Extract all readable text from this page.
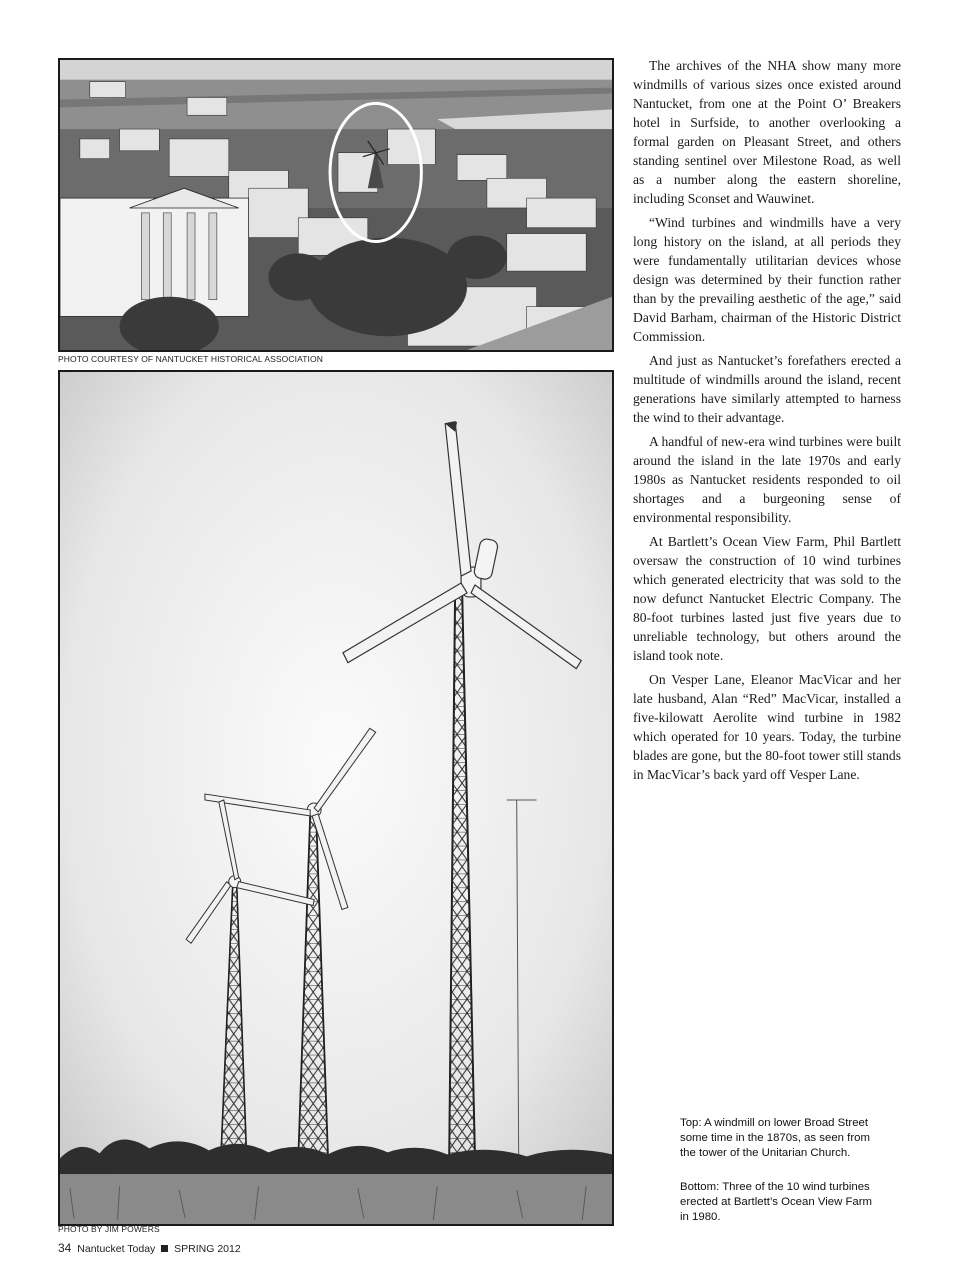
PHOTO COURTESY OF NANTUCKET HISTORICAL ASSOCIATION
PHOTO BY JIM POWERS

The archives of the NHA show many more windmills of various sizes once existed around Nantucket, from one at the Point O’ Breakers hotel in Surfside, to another overlooking a formal garden on Pleasant Street, and others standing sentinel over Milestone Road, as well as a number along the eastern shoreline, including Sconset and Wauwinet.

“Wind turbines and windmills have a very long history on the island, at all periods they were fundamentally utilitarian devices whose design was determined by their function rather than by the prevailing aesthetic of the age,” said David Barham, chairman of the Historic District Commission.

And just as Nantucket’s forefathers erected a multitude of windmills around the island, recent generations have similarly attempted to harness the wind to their advantage.

A handful of new-era wind turbines were built around the island in the late 1970s and early 1980s as Nantucket residents responded to oil shortages and a burgeoning sense of environmental responsibility.

At Bartlett’s Ocean View Farm, Phil Bartlett oversaw the construction of 10 wind turbines which generated electricity that was sold to the now defunct Nantucket Electric Company. The 80-foot turbines lasted just five years due to unreliable technology, but others around the island took note.

On Vesper Lane, Eleanor MacVicar and her late husband, Alan “Red” MacVicar, installed a five-kilowatt Aerolite wind turbine in 1982 which operated for 10 years. Today, the turbine blades are gone, but the 80-foot tower still stands in MacVicar’s back yard off Vesper Lane.

Top: A windmill on lower Broad Street some time in the 1870s, as seen from the tower of the Unitarian Church.
Bottom: Three of the 10 wind turbines erected at Bartlett’s Ocean View Farm in 1980.
34 Nantucket Today SPRING 2012
